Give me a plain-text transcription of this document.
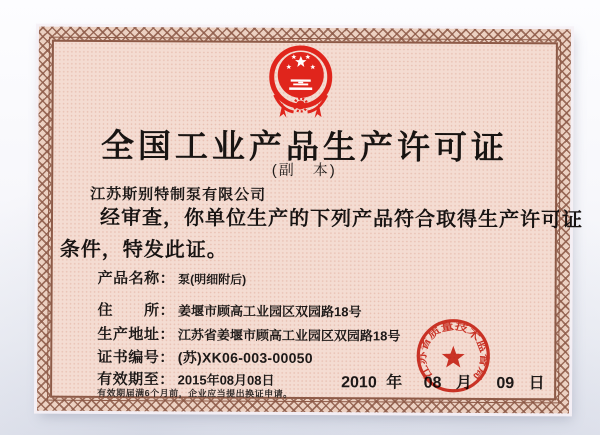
全国工业产品生产许可证
(副　本)
江苏斯别特制泵有限公司
经审查，你单位生产的下列产品符合取得生产许可证
条件，特发此证。
产品名称： 泵(明细附后)
住　　所： 姜堰市顾高工业园区双园路18号
生产地址： 江苏省姜堰市顾高工业园区双园路18号
证书编号： (苏)XK06-003-00050
有效期至： 2015年08月08日
有效期届满6个月前，企业应当提出换证申请。
2010 年 08 月 09 日
江苏省质量技术监督局
